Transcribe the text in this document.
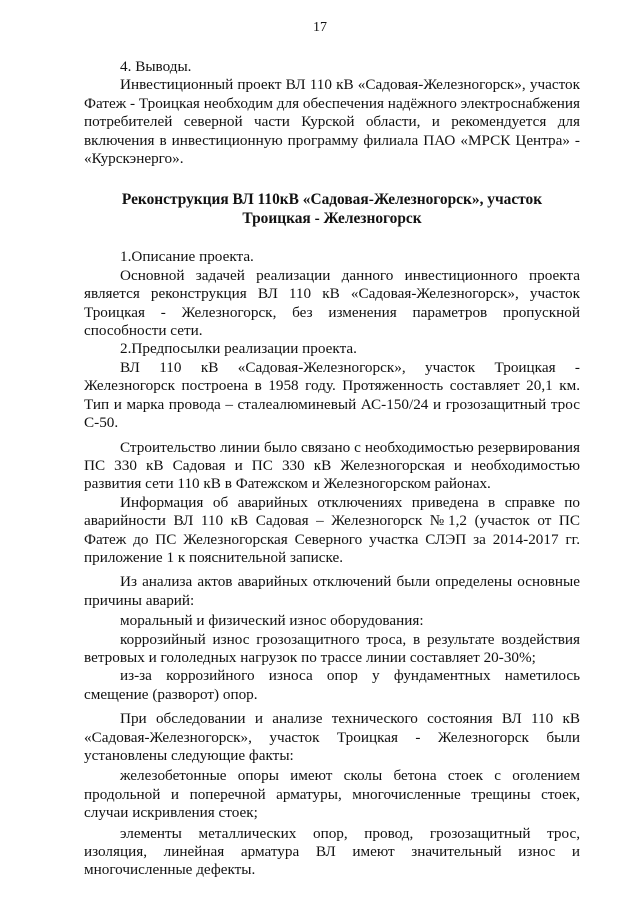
17

4. Выводы.

Инвестиционный проект ВЛ 110 кВ «Садовая-Железногорск», участок Фатеж - Троицкая необходим для обеспечения надёжного электроснабжения потребителей северной части Курской области, и рекомендуется для включения в инвестиционную программу филиала ПАО «МРСК Центра» - «Курскэнерго».

Реконструкция ВЛ 110кВ «Садовая-Железногорск», участок
Троицкая - Железногорск

1.Описание проекта.

Основной задачей реализации данного инвестиционного проекта является реконструкция ВЛ 110 кВ «Садовая-Железногорск», участок Троицкая - Железногорск, без изменения параметров пропускной способности сети.

2.Предпосылки реализации проекта.

ВЛ 110 кВ «Садовая-Железногорск», участок Троицкая - Железногорск построена в 1958 году. Протяженность составляет 20,1 км. Тип и марка провода – сталеалюминевый АС-150/24 и грозозащитный трос С-50.

Строительство линии было связано с необходимостью резервирования ПС 330 кВ Садовая и ПС 330 кВ Железногорская и необходимостью развития сети 110 кВ в Фатежском и Железногорском районах.

Информация об аварийных отключениях приведена в справке по аварийности ВЛ 110 кВ Садовая – Железногорск №1,2 (участок от ПС Фатеж до ПС Железногорская Северного участка СЛЭП за 2014-2017 гг. приложение 1 к пояснительной записке.

Из анализа актов аварийных отключений были определены основные причины аварий:

моральный и физический износ оборудования:

коррозийный износ грозозащитного троса, в результате воздействия ветровых и гололедных нагрузок по трассе линии составляет 20-30%;

из-за коррозийного износа опор у фундаментных наметилось смещение (разворот) опор.

При обследовании и анализе технического состояния ВЛ 110 кВ «Садовая-Железногорск», участок Троицкая - Железногорск были установлены следующие факты:

железобетонные опоры имеют сколы бетона стоек с оголением продольной и поперечной арматуры, многочисленные трещины стоек, случаи искривления стоек;

элементы металлических опор, провод, грозозащитный трос, изоляция, линейная арматура ВЛ имеют значительный износ и многочисленные дефекты.
